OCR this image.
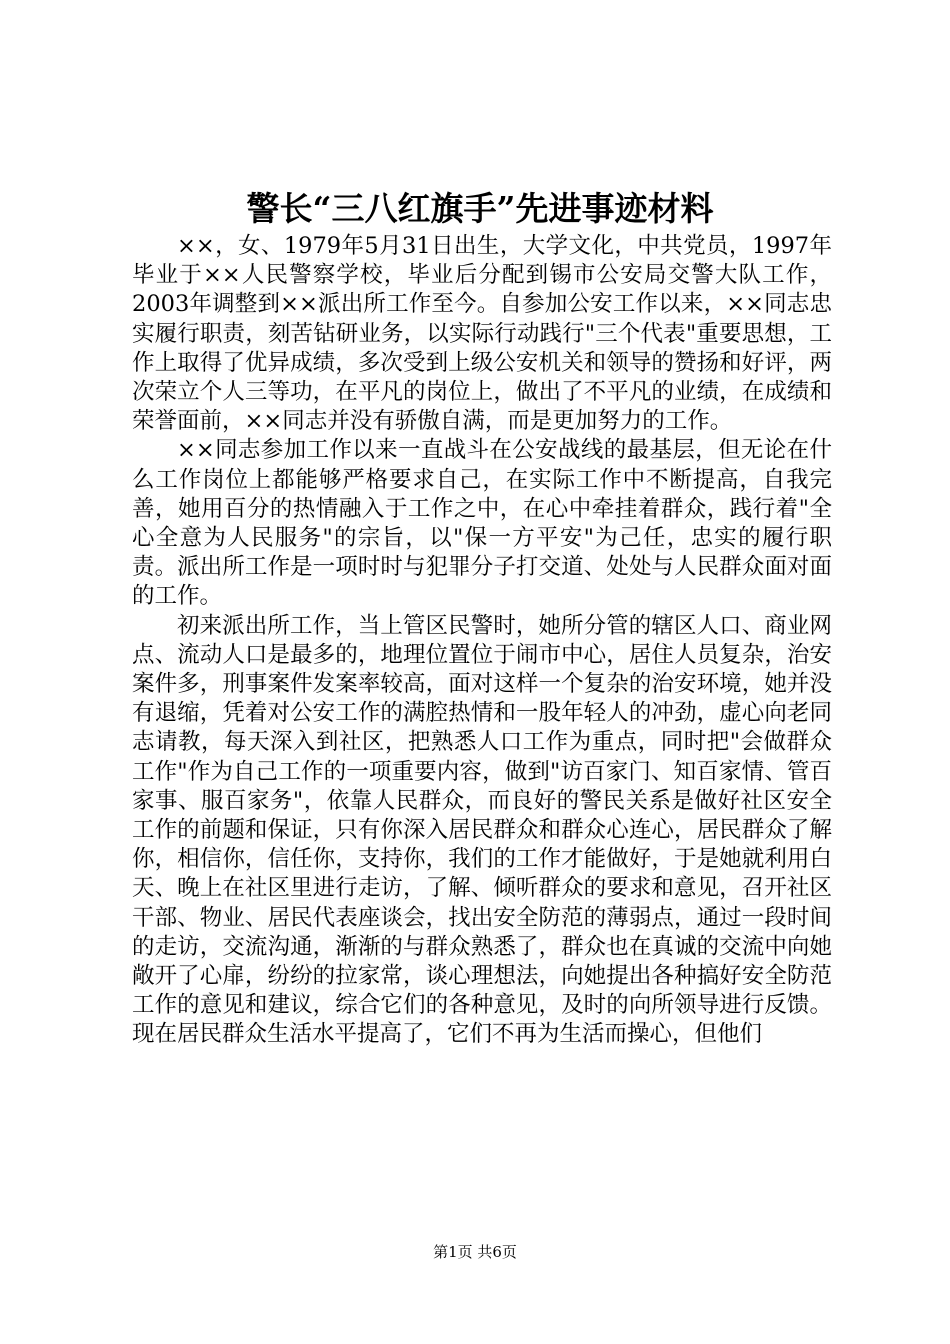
警长“三八红旗手”先进事迹材料

××，女、1979年5月31日出生，大学文化，中共党员，1997年毕业于××人民警察学校，毕业后分配到锡市公安局交警大队工作，2003年调整到××派出所工作至今。自参加公安工作以来，××同志忠实履行职责，刻苦钻研业务，以实际行动践行"三个代表"重要思想，工作上取得了优异成绩，多次受到上级公安机关和领导的赞扬和好评，两次荣立个人三等功，在平凡的岗位上，做出了不平凡的业绩，在成绩和荣誉面前，××同志并没有骄傲自满，而是更加努力的工作。

××同志参加工作以来一直战斗在公安战线的最基层，但无论在什么工作岗位上都能够严格要求自己，在实际工作中不断提高，自我完善，她用百分的热情融入于工作之中，在心中牵挂着群众，践行着"全心全意为人民服务"的宗旨，以"保一方平安"为己任，忠实的履行职责。派出所工作是一项时时与犯罪分子打交道、处处与人民群众面对面的工作。

初来派出所工作，当上管区民警时，她所分管的辖区人口、商业网点、流动人口是最多的，地理位置位于闹市中心，居住人员复杂，治安案件多，刑事案件发案率较高，面对这样一个复杂的治安环境，她并没有退缩，凭着对公安工作的满腔热情和一股年轻人的冲劲，虚心向老同志请教，每天深入到社区，把熟悉人口工作为重点，同时把"会做群众工作"作为自己工作的一项重要内容，做到"访百家门、知百家情、管百家事、服百家务"，依靠人民群众，而良好的警民关系是做好社区安全工作的前题和保证，只有你深入居民群众和群众心连心，居民群众了解你，相信你，信任你，支持你，我们的工作才能做好，于是她就利用白天、晚上在社区里进行走访，了解、倾听群众的要求和意见，召开社区干部、物业、居民代表座谈会，找出安全防范的薄弱点，通过一段时间的走访，交流沟通，渐渐的与群众熟悉了，群众也在真诚的交流中向她敞开了心扉，纷纷的拉家常，谈心理想法，向她提出各种搞好安全防范工作的意见和建议，综合它们的各种意见，及时的向所领导进行反馈。现在居民群众生活水平提高了，它们不再为生活而操心，但他们

第1页 共6页
